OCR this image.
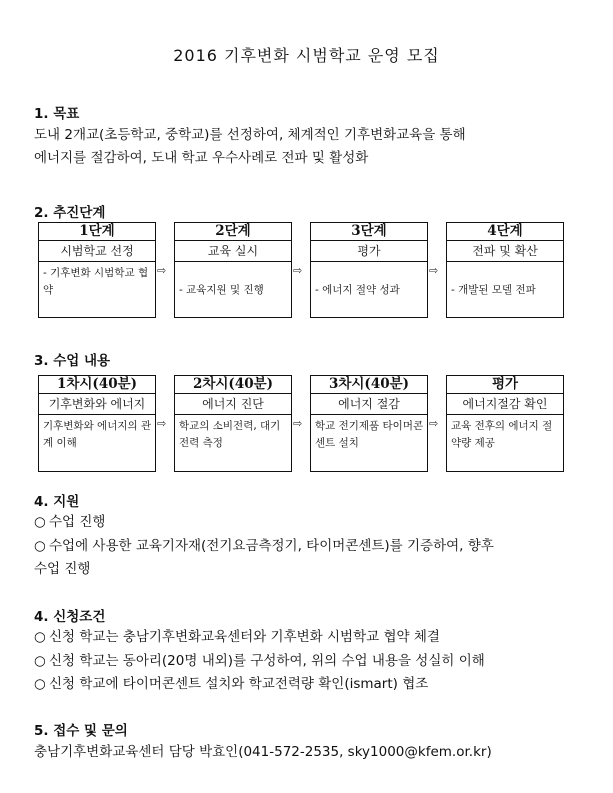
2016 기후변화 시범학교 운영 모집
1. 목표
도내 2개교(초등학교, 중학교)를 선정하여, 체계적인 기후변화교육을 통해
에너지를 절감하여, 도내 학교 우수사례로 전파 및 활성화
2. 추진단계
1단계
시범학교 선정
- 기후변화 시범학교 협약
⇨
2단계
교육 실시
- 교육지원 및 진행
⇨
3단계
평가
- 에너지 절약 성과
⇨
4단계
전파 및 확산
- 개발된 모델 전파
3. 수업 내용
1차시(40분)
기후변화와 에너지
기후변화와 에너지의 관계 이해
⇨
2차시(40분)
에너지 진단
학교의 소비전력, 대기전력 측정
⇨
3차시(40분)
에너지 절감
학교 전기제품 타이머콘센트 설치
⇨
평가
에너지절감 확인
교육 전후의 에너지 절약량 제공
4. 지원
○ 수업 진행
○ 수업에 사용한 교육기자재(전기요금측정기, 타이머콘센트)를 기증하여, 향후
수업 진행
4. 신청조건
○ 신청 학교는 충남기후변화교육센터와 기후변화 시범학교 협약 체결
○ 신청 학교는 동아리(20명 내외)를 구성하여, 위의 수업 내용을 성실히 이해
○ 신청 학교에 타이머콘센트 설치와 학교전력량 확인(ismart) 협조
5. 접수 및 문의
충남기후변화교육센터 담당 박효인(041-572-2535, sky1000@kfem.or.kr)
